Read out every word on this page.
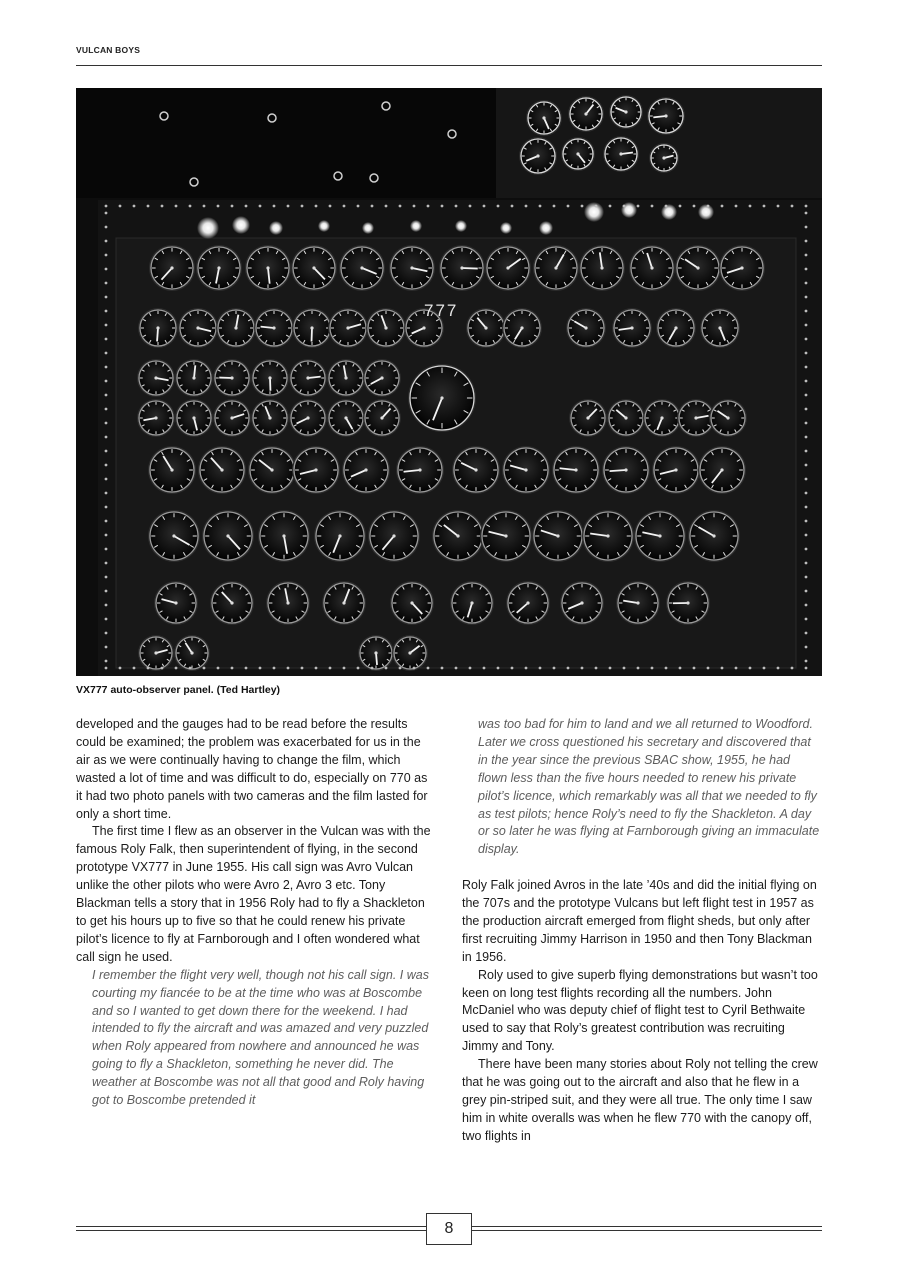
VULCAN BOYS
777
VX777 auto-observer panel. (Ted Hartley)

developed and the gauges had to be read before the results could be examined; the problem was exacerbated for us in the air as we were continually having to change the film, which wasted a lot of time and was difficult to do, especially on 770 as it had two photo panels with two cameras and the film lasted for only a short time.

The first time I flew as an observer in the Vulcan was with the famous Roly Falk, then superintendent of flying, in the second prototype VX777 in June 1955. His call sign was Avro Vulcan unlike the other pilots who were Avro 2, Avro 3 etc. Tony Blackman tells a story that in 1956 Roly had to fly a Shackleton to get his hours up to five so that he could renew his private pilot’s licence to fly at Farnborough and I often wondered what call sign he used.

I remember the flight very well, though not his call sign. I was courting my fiancée to be at the time who was at Boscombe and so I wanted to get down there for the weekend. I had intended to fly the aircraft and was amazed and very puzzled when Roly appeared from nowhere and announced he was going to fly a Shackleton, something he never did. The weather at Boscombe was not all that good and Roly having got to Boscombe pretended it

was too bad for him to land and we all returned to Woodford. Later we cross questioned his secretary and discovered that in the year since the previous SBAC show, 1955, he had flown less than the five hours needed to renew his private pilot’s licence, which remarkably was all that we needed to fly as test pilots; hence Roly’s need to fly the Shackleton. A day or so later he was flying at Farnborough giving an immaculate display.

Roly Falk joined Avros in the late ’40s and did the initial flying on the 707s and the prototype Vulcans but left flight test in 1957 as the production aircraft emerged from flight sheds, but only after first recruiting Jimmy Harrison in 1950 and then Tony Blackman in 1956.

Roly used to give superb flying demonstrations but wasn’t too keen on long test flights recording all the numbers. John McDaniel who was deputy chief of flight test to Cyril Bethwaite used to say that Roly’s greatest contribution was recruiting Jimmy and Tony.

There have been many stories about Roly not telling the crew that he was going out to the aircraft and also that he flew in a grey pin-striped suit, and they were all true. The only time I saw him in white overalls was when he flew 770 with the canopy off, two flights in

8
